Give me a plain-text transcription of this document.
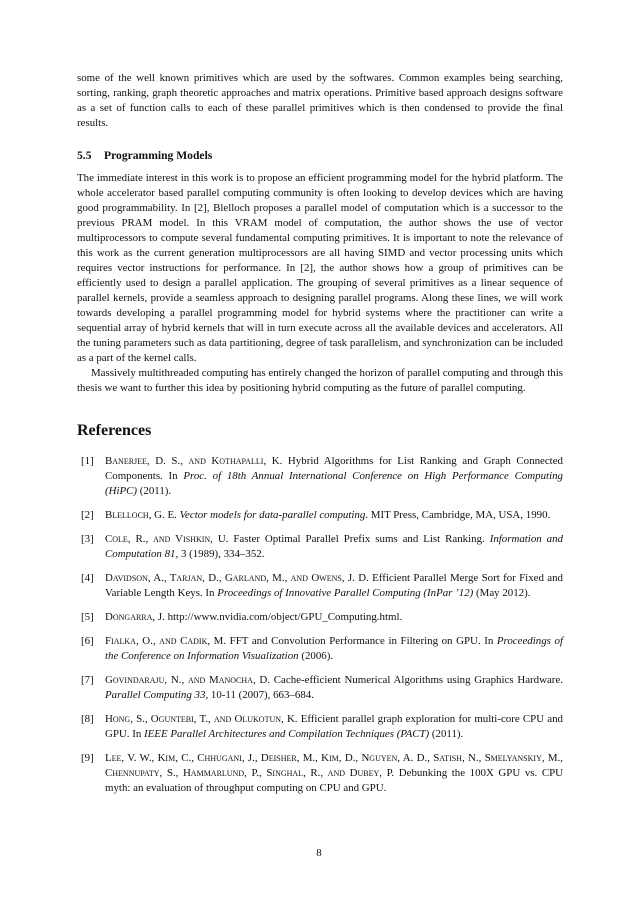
some of the well known primitives which are used by the softwares. Common examples being searching, sorting, ranking, graph theoretic approaches and matrix operations. Primitive based approach designs software as a set of function calls to each of these parallel primitives which is then condensed to provide the final results.

5.5 Programming Models

The immediate interest in this work is to propose an efficient programming model for the hybrid platform. The whole accelerator based parallel computing community is often looking to develop devices which are having good programmability. In [2], Blelloch proposes a parallel model of computation which is a successor to the previous PRAM model. In this VRAM model of computation, the author shows the use of vector multiprocessors to compute several fundamental computing primitives. It is important to note the relevance of this work as the current generation multiprocessors are all having SIMD and vector processing units which requires vector instructions for performance. In [2], the author shows how a group of primitives can be efficiently used to design a parallel application. The grouping of several primitives as a linear sequence of parallel kernels, provide a seamless approach to designing parallel programs. Along these lines, we will work towards developing a parallel programming model for hybrid systems where the practitioner can write a sequential array of hybrid kernels that will in turn execute across all the available devices and accelerators. All the tuning parameters such as data partitioning, degree of task parallelism, and synchronization can be included as a part of the kernel calls.

Massively multithreaded computing has entirely changed the horizon of parallel computing and through this thesis we want to further this idea by positioning hybrid computing as the future of parallel computing.

References
[1] Banerjee, D. S., and Kothapalli, K. Hybrid Algorithms for List Ranking and Graph Connected Components. In Proc. of 18th Annual International Conference on High Performance Computing (HiPC) (2011).
[2] Blelloch, G. E. Vector models for data-parallel computing. MIT Press, Cambridge, MA, USA, 1990.
[3] Cole, R., and Vishkin, U. Faster Optimal Parallel Prefix sums and List Ranking. Information and Computation 81, 3 (1989), 334–352.
[4] Davidson, A., Tarjan, D., Garland, M., and Owens, J. D. Efficient Parallel Merge Sort for Fixed and Variable Length Keys. In Proceedings of Innovative Parallel Computing (InPar ’12) (May 2012).
[5] Dongarra, J. http://www.nvidia.com/object/GPU_Computing.html.
[6] Fialka, O., and Cadik, M. FFT and Convolution Performance in Filtering on GPU. In Proceedings of the Conference on Information Visualization (2006).
[7] Govindaraju, N., and Manocha, D. Cache-efficient Numerical Algorithms using Graphics Hardware. Parallel Computing 33, 10-11 (2007), 663–684.
[8] Hong, S., Oguntebi, T., and Olukotun, K. Efficient parallel graph exploration for multi-core CPU and GPU. In IEEE Parallel Architectures and Compilation Techniques (PACT) (2011).
[9] Lee, V. W., Kim, C., Chhugani, J., Deisher, M., Kim, D., Nguyen, A. D., Satish, N., Smelyanskiy, M., Chennupaty, S., Hammarlund, P., Singhal, R., and Dubey, P. Debunking the 100X GPU vs. CPU myth: an evaluation of throughput computing on CPU and GPU.
8
